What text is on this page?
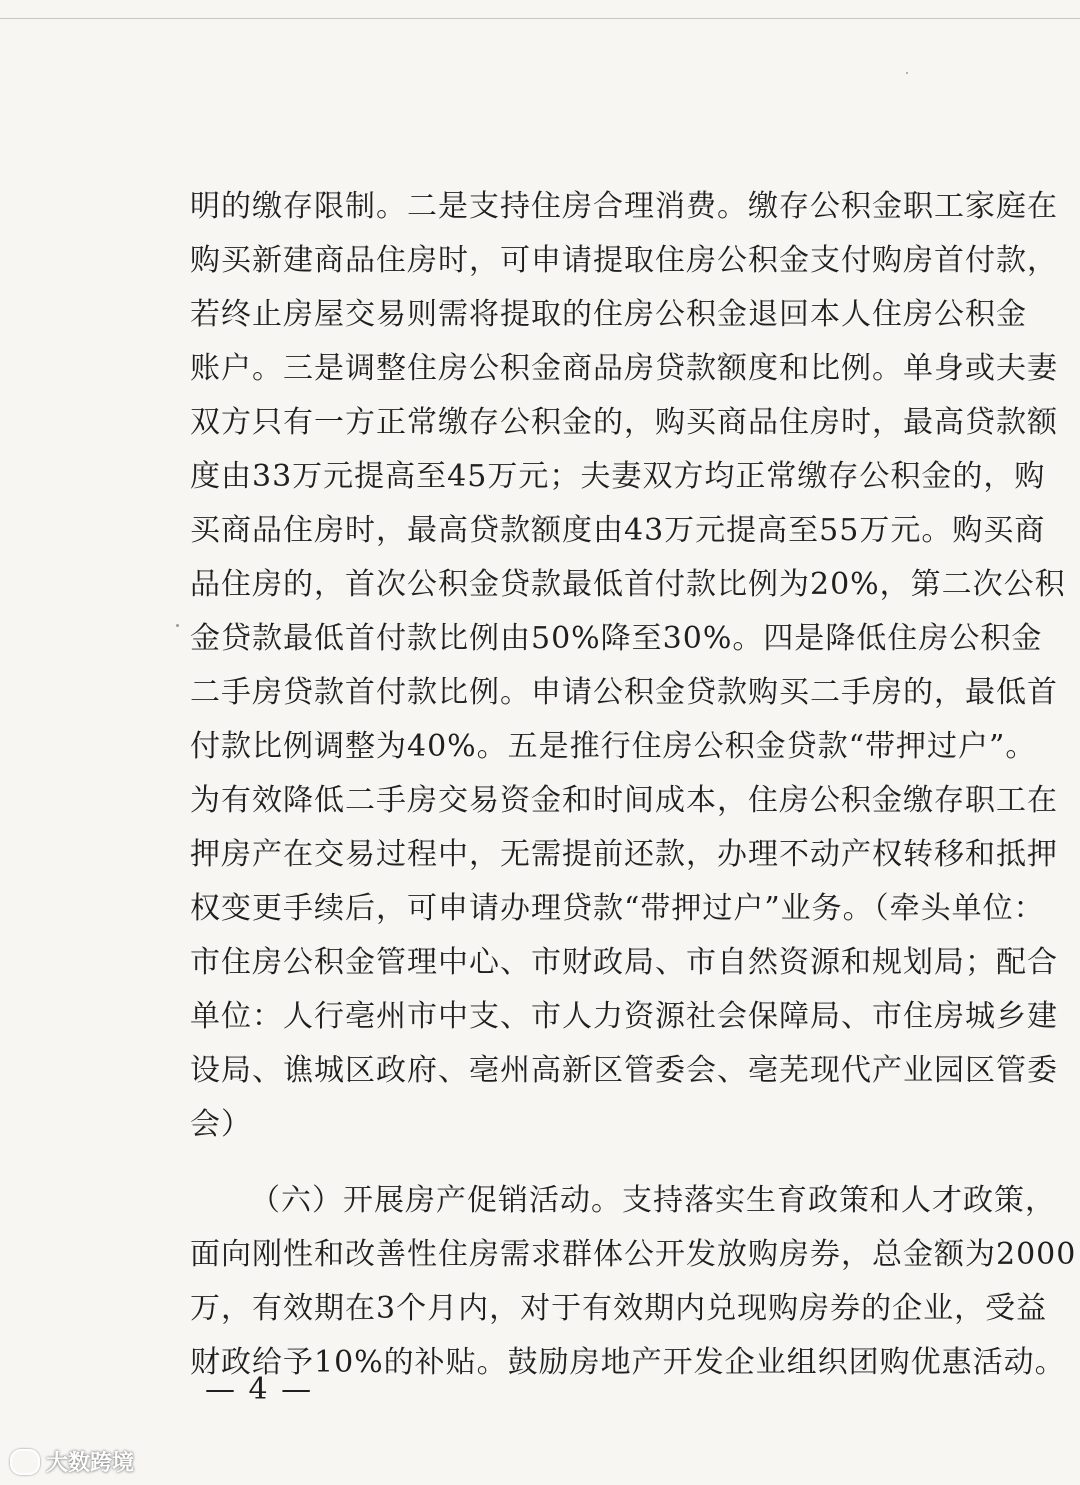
明的缴存限制。二是支持住房合理消费。缴存公积金职工家庭在
购买新建商品住房时，可申请提取住房公积金支付购房首付款，
若终止房屋交易则需将提取的住房公积金退回本人住房公积金
账户。三是调整住房公积金商品房贷款额度和比例。单身或夫妻
双方只有一方正常缴存公积金的，购买商品住房时，最高贷款额
度由33万元提高至45万元；夫妻双方均正常缴存公积金的，购
买商品住房时，最高贷款额度由43万元提高至55万元。购买商
品住房的，首次公积金贷款最低首付款比例为20%，第二次公积
金贷款最低首付款比例由50%降至30%。四是降低住房公积金
二手房贷款首付款比例。申请公积金贷款购买二手房的，最低首
付款比例调整为40%。五是推行住房公积金贷款“带押过户”。
为有效降低二手房交易资金和时间成本，住房公积金缴存职工在
押房产在交易过程中，无需提前还款，办理不动产权转移和抵押
权变更手续后，可申请办理贷款“带押过户”业务。（牵头单位：
市住房公积金管理中心、市财政局、市自然资源和规划局；配合
单位：人行亳州市中支、市人力资源社会保障局、市住房城乡建
设局、谯城区政府、亳州高新区管委会、亳芜现代产业园区管委
会）
（六）开展房产促销活动。支持落实生育政策和人才政策，
面向刚性和改善性住房需求群体公开发放购房券，总金额为2000
万，有效期在3个月内，对于有效期内兑现购房券的企业，受益
财政给予10%的补贴。鼓励房地产开发企业组织团购优惠活动。
— 4 —
大数跨境
